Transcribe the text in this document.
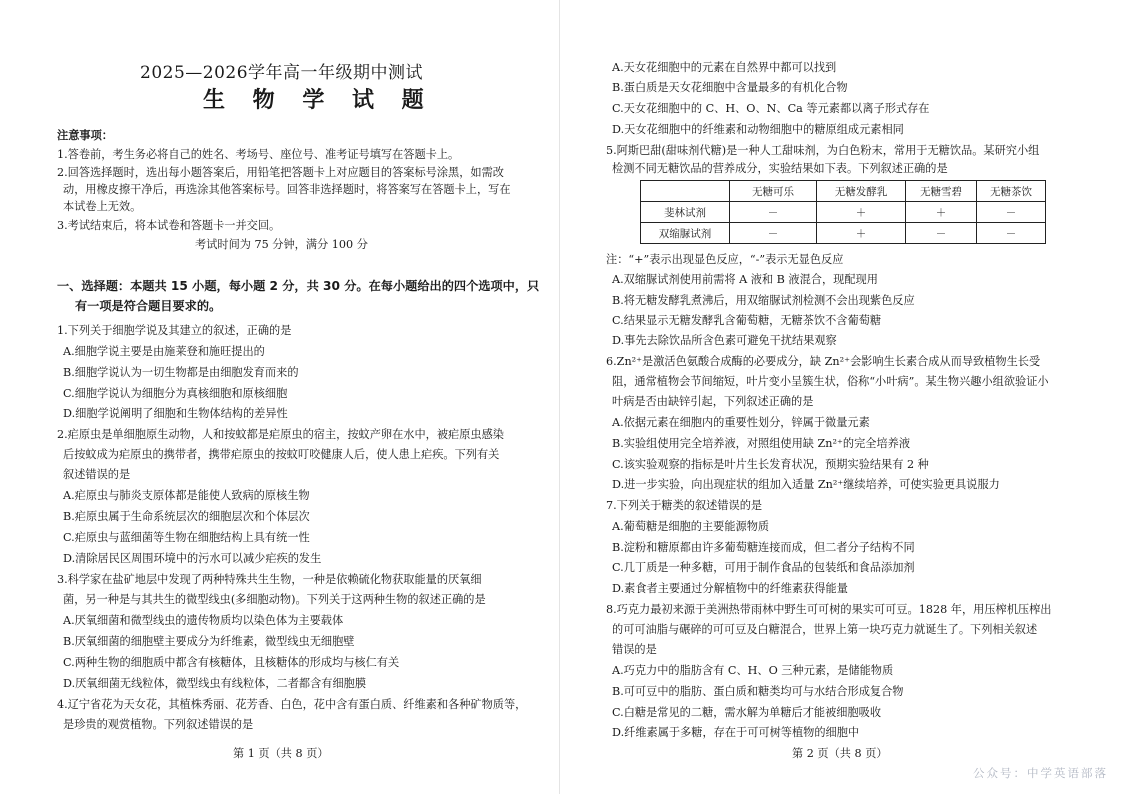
2025—2026学年高一年级期中测试
生 物 学 试 题
注意事项：
1.答卷前，考生务必将自己的姓名、考场号、座位号、准考证号填写在答题卡上。
2.回答选择题时，选出每小题答案后，用铅笔把答题卡上对应题目的答案标号涂黑，如需改
动，用橡皮擦干净后，再选涂其他答案标号。回答非选择题时，将答案写在答题卡上，写在
本试卷上无效。
3.考试结束后，将本试卷和答题卡一并交回。
考试时间为 75 分钟，满分 100 分
一、选择题：本题共 15 小题，每小题 2 分，共 30 分。在每小题给出的四个选项中，只
有一项是符合题目要求的。
1.下列关于细胞学说及其建立的叙述，正确的是
A.细胞学说主要是由施莱登和施旺提出的
B.细胞学说认为一切生物都是由细胞发育而来的
C.细胞学说认为细胞分为真核细胞和原核细胞
D.细胞学说阐明了细胞和生物体结构的差异性
2.疟原虫是单细胞原生动物，人和按蚊都是疟原虫的宿主，按蚊产卵在水中，被疟原虫感染
后按蚊成为疟原虫的携带者，携带疟原虫的按蚊叮咬健康人后，使人患上疟疾。下列有关
叙述错误的是
A.疟原虫与肺炎支原体都是能使人致病的原核生物
B.疟原虫属于生命系统层次的细胞层次和个体层次
C.疟原虫与蓝细菌等生物在细胞结构上具有统一性
D.清除居民区周围环境中的污水可以减少疟疾的发生
3.科学家在盐矿地层中发现了两种特殊共生生物，一种是依赖硫化物获取能量的厌氧细
菌，另一种是与其共生的微型线虫(多细胞动物)。下列关于这两种生物的叙述正确的是
A.厌氧细菌和微型线虫的遗传物质均以染色体为主要载体
B.厌氧细菌的细胞壁主要成分为纤维素，微型线虫无细胞壁
C.两种生物的细胞质中都含有核糖体，且核糖体的形成均与核仁有关
D.厌氧细菌无线粒体，微型线虫有线粒体，二者都含有细胞膜
4.辽宁省花为天女花，其植株秀丽、花芳香、白色，花中含有蛋白质、纤维素和各种矿物质等，
是珍贵的观赏植物。下列叙述错误的是
第 1 页（共 8 页）
A.天女花细胞中的元素在自然界中都可以找到
B.蛋白质是天女花细胞中含量最多的有机化合物
C.天女花细胞中的 C、H、O、N、Ca 等元素都以离子形式存在
D.天女花细胞中的纤维素和动物细胞中的糖原组成元素相同
5.阿斯巴甜(甜味剂代糖)是一种人工甜味剂，为白色粉末，常用于无糖饮品。某研究小组
检测不同无糖饮品的营养成分，实验结果如下表。下列叙述正确的是
	无糖可乐	无糖发酵乳	无糖雪碧	无糖茶饮
斐林试剂	－	＋	＋	－
双缩脲试剂	－	＋	－	－
注：“+”表示出现显色反应，“-”表示无显色反应
A.双缩脲试剂使用前需将 A 液和 B 液混合，现配现用
B.将无糖发酵乳煮沸后，用双缩脲试剂检测不会出现紫色反应
C.结果显示无糖发酵乳含葡萄糖，无糖茶饮不含葡萄糖
D.事先去除饮品所含色素可避免干扰结果观察
6.Zn²⁺是激活色氨酸合成酶的必要成分，缺 Zn²⁺会影响生长素合成从而导致植物生长受
阻，通常植物会节间缩短，叶片变小呈簇生状，俗称“小叶病”。某生物兴趣小组欲验证小
叶病是否由缺锌引起，下列叙述正确的是
A.依据元素在细胞内的重要性划分，锌属于微量元素
B.实验组使用完全培养液，对照组使用缺 Zn²⁺的完全培养液
C.该实验观察的指标是叶片生长发育状况，预期实验结果有 2 种
D.进一步实验，向出现症状的组加入适量 Zn²⁺继续培养，可使实验更具说服力
7.下列关于糖类的叙述错误的是
A.葡萄糖是细胞的主要能源物质
B.淀粉和糖原都由许多葡萄糖连接而成，但二者分子结构不同
C.几丁质是一种多糖，可用于制作食品的包装纸和食品添加剂
D.素食者主要通过分解植物中的纤维素获得能量
8.巧克力最初来源于美洲热带雨林中野生可可树的果实可可豆。1828 年，用压榨机压榨出
的可可油脂与碾碎的可可豆及白糖混合，世界上第一块巧克力就诞生了。下列相关叙述
错误的是
A.巧克力中的脂肪含有 C、H、O 三种元素，是储能物质
B.可可豆中的脂肪、蛋白质和糖类均可与水结合形成复合物
C.白糖是常见的二糖，需水解为单糖后才能被细胞吸收
D.纤维素属于多糖，存在于可可树等植物的细胞中
第 2 页（共 8 页）
公众号：中学英语部落
